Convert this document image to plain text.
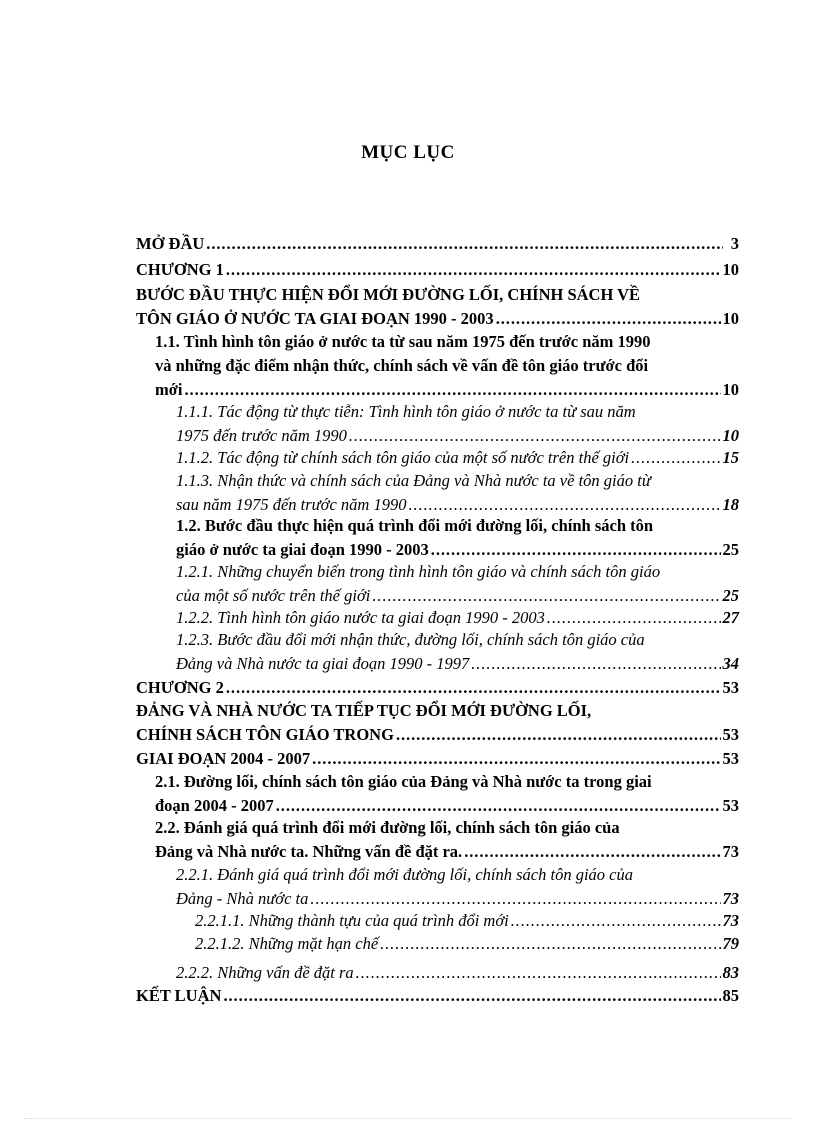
MỤC LỤC
MỞ ĐẦU . . .	3
CHƯƠNG 1 . . .	10
BƯỚC ĐẦU THỰC HIỆN ĐỔI MỚI ĐƯỜNG LỐI, CHÍNH SÁCH VỀ
TÔN GIÁO Ở NƯỚC TA GIAI ĐOẠN 1990 - 2003 . . .	10
1.1. Tình hình tôn giáo ở nước ta từ sau năm 1975 đến trước năm 1990
và những đặc điểm nhận thức, chính sách về vấn đề tôn giáo trước đổi
mới . . .	10
1.1.1. Tác động từ thực tiễn: Tình hình tôn giáo ở nước ta từ sau năm
1975 đến trước năm 1990 . . .	10
1.1.2. Tác động từ chính sách tôn giáo của một số nước trên thế giới . . .	15
1.1.3. Nhận thức và chính sách của Đảng và Nhà nước ta về tôn giáo từ
sau năm 1975 đến trước năm 1990 . . .	18
1.2. Bước đầu thực hiện quá trình đổi mới đường lối, chính sách tôn
giáo ở nước ta giai đoạn 1990 - 2003 . . .	25
1.2.1. Những chuyển biến trong tình hình tôn giáo và chính sách tôn giáo
của một số nước trên thế giới . . .	25
1.2.2. Tình hình tôn giáo nước ta giai đoạn 1990 - 2003 . . .	27
1.2.3. Bước đầu đổi mới nhận thức, đường lối, chính sách tôn giáo của
Đảng và Nhà nước ta giai đoạn 1990 - 1997 . . .	34
CHƯƠNG 2 . . .	53
ĐẢNG VÀ NHÀ NƯỚC TA TIẾP TỤC ĐỔI MỚI ĐƯỜNG LỐI,
CHÍNH SÁCH TÔN GIÁO TRONG . . .	53
GIAI ĐOẠN 2004 - 2007 . . .	53
2.1. Đường lối, chính sách tôn giáo của Đảng và Nhà nước ta trong giai
đoạn 2004 - 2007 . . .	53
2.2. Đánh giá quá trình đổi mới đường lối, chính sách tôn giáo của
Đảng và Nhà nước ta. Những vấn đề đặt ra. . . .	73
2.2.1. Đánh giá quá trình đổi mới đường lối, chính sách tôn giáo của
Đảng - Nhà nước ta . . .	73
2.2.1.1. Những thành tựu của quá trình đổi mới . . .	73
2.2.1.2. Những mặt hạn chế . . .	79
2.2.2. Những vấn đề đặt ra . . .	83
KẾT LUẬN . . .	85
